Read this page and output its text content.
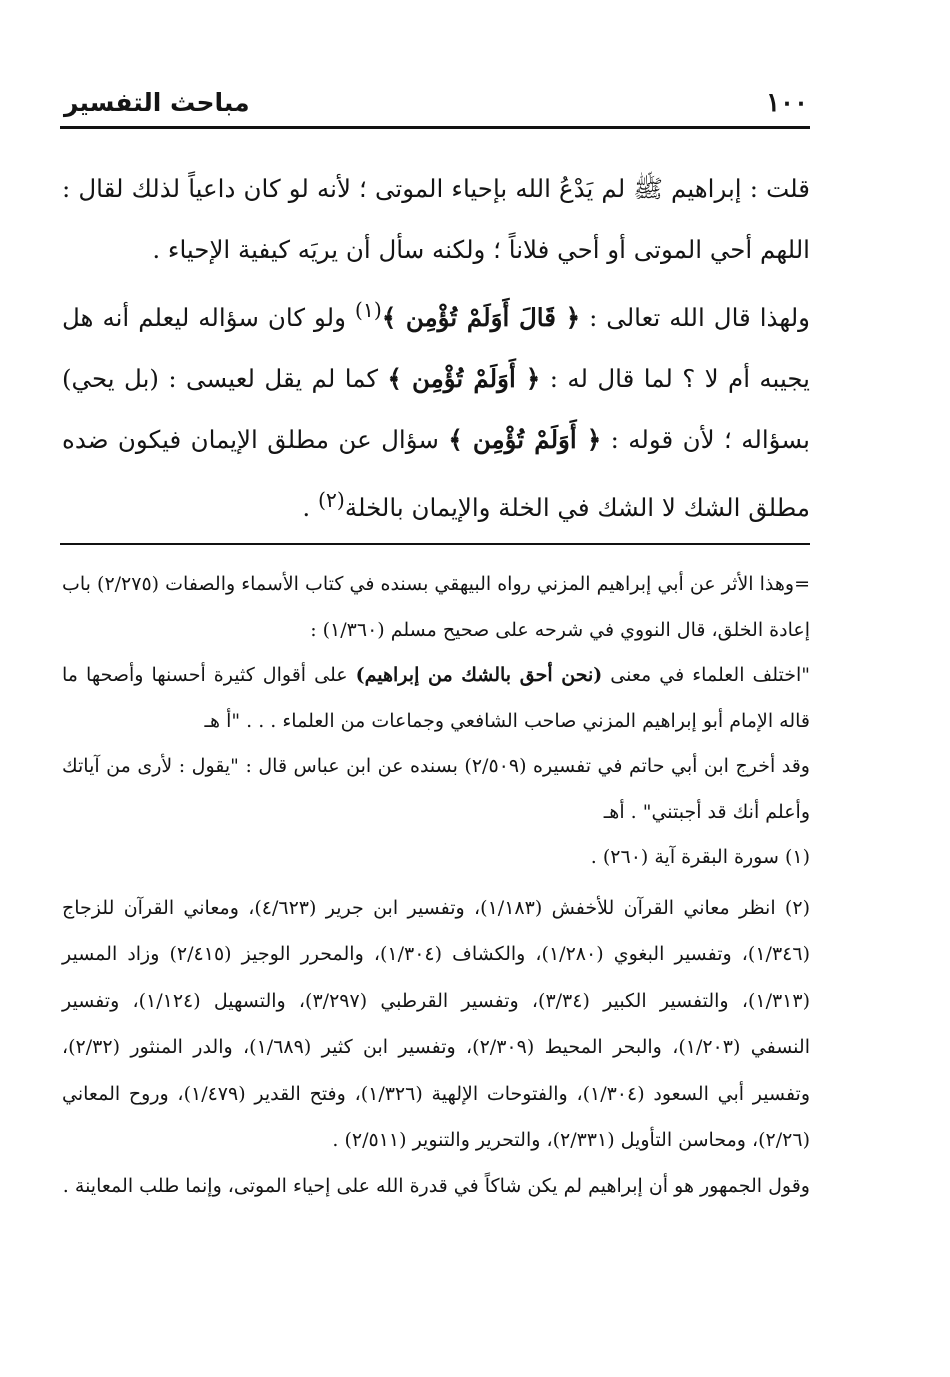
١٠٠
مباحث التفسير

قلت : إبراهيم ﷺ لم يَدْعُ الله بإحياء الموتى ؛ لأنه لو كان داعياً لذلك لقال : اللهم أحي الموتى أو أحي فلاناً ؛ ولكنه سأل أن يريَه كيفية الإحياء .

ولهذا قال الله تعالى : ﴿ قَالَ أَوَلَمْ تُؤْمِن ﴾$^{(١)}$ ولو كان سؤاله ليعلم أنه هل يجيبه أم لا ؟ لما قال له : ﴿ أَوَلَمْ تُؤْمِن ﴾ كما لم يقل لعيسى : (بل يحي) بسؤاله ؛ لأن قوله : ﴿ أَوَلَمْ تُؤْمِن ﴾ سؤال عن مطلق الإيمان فيكون ضده مطلق الشك لا الشك في الخلة والإيمان بالخلة$^{(٢)}$ .

=وهذا الأثر عن أبي إبراهيم المزني رواه البيهقي بسنده في كتاب الأسماء والصفات (٢/٢٧٥) باب إعادة الخلق، قال النووي في شرحه على صحيح مسلم (١/٣٦٠) :

"اختلف العلماء في معنى (نحن أحق بالشك من إبراهيم) على أقوال كثيرة أحسنها وأصحها ما قاله الإمام أبو إبراهيم المزني صاحب الشافعي وجماعات من العلماء . . . "أ هـ

وقد أخرج ابن أبي حاتم في تفسيره (٢/٥٠٩) بسنده عن ابن عباس قال : "يقول : لأرى من آياتك وأعلم أنك قد أجبتني" . أهـ

(١) سورة البقرة آية (٢٦٠) .

(٢) انظر معاني القرآن للأخفش (١/١٨٣)، وتفسير ابن جرير (٤/٦٢٣)، ومعاني القرآن للزجاج (١/٣٤٦)، وتفسير البغوي (١/٢٨٠)، والكشاف (١/٣٠٤)، والمحرر الوجيز (٢/٤١٥) وزاد المسير (١/٣١٣)، والتفسير الكبير (٣/٣٤)، وتفسير القرطبي (٣/٢٩٧)، والتسهيل (١/١٢٤)، وتفسير النسفي (١/٢٠٣)، والبحر المحيط (٢/٣٠٩)، وتفسير ابن كثير (١/٦٨٩)، والدر المنثور (٢/٣٢)، وتفسير أبي السعود (١/٣٠٤)، والفتوحات الإلهية (١/٣٢٦)، وفتح القدير (١/٤٧٩)، وروح المعاني (٢/٢٦)، ومحاسن التأويل (٢/٣٣١)، والتحرير والتنوير (٢/٥١١) .

وقول الجمهور هو أن إبراهيم لم يكن شاكاً في قدرة الله على إحياء الموتى، وإنما طلب المعاينة .
